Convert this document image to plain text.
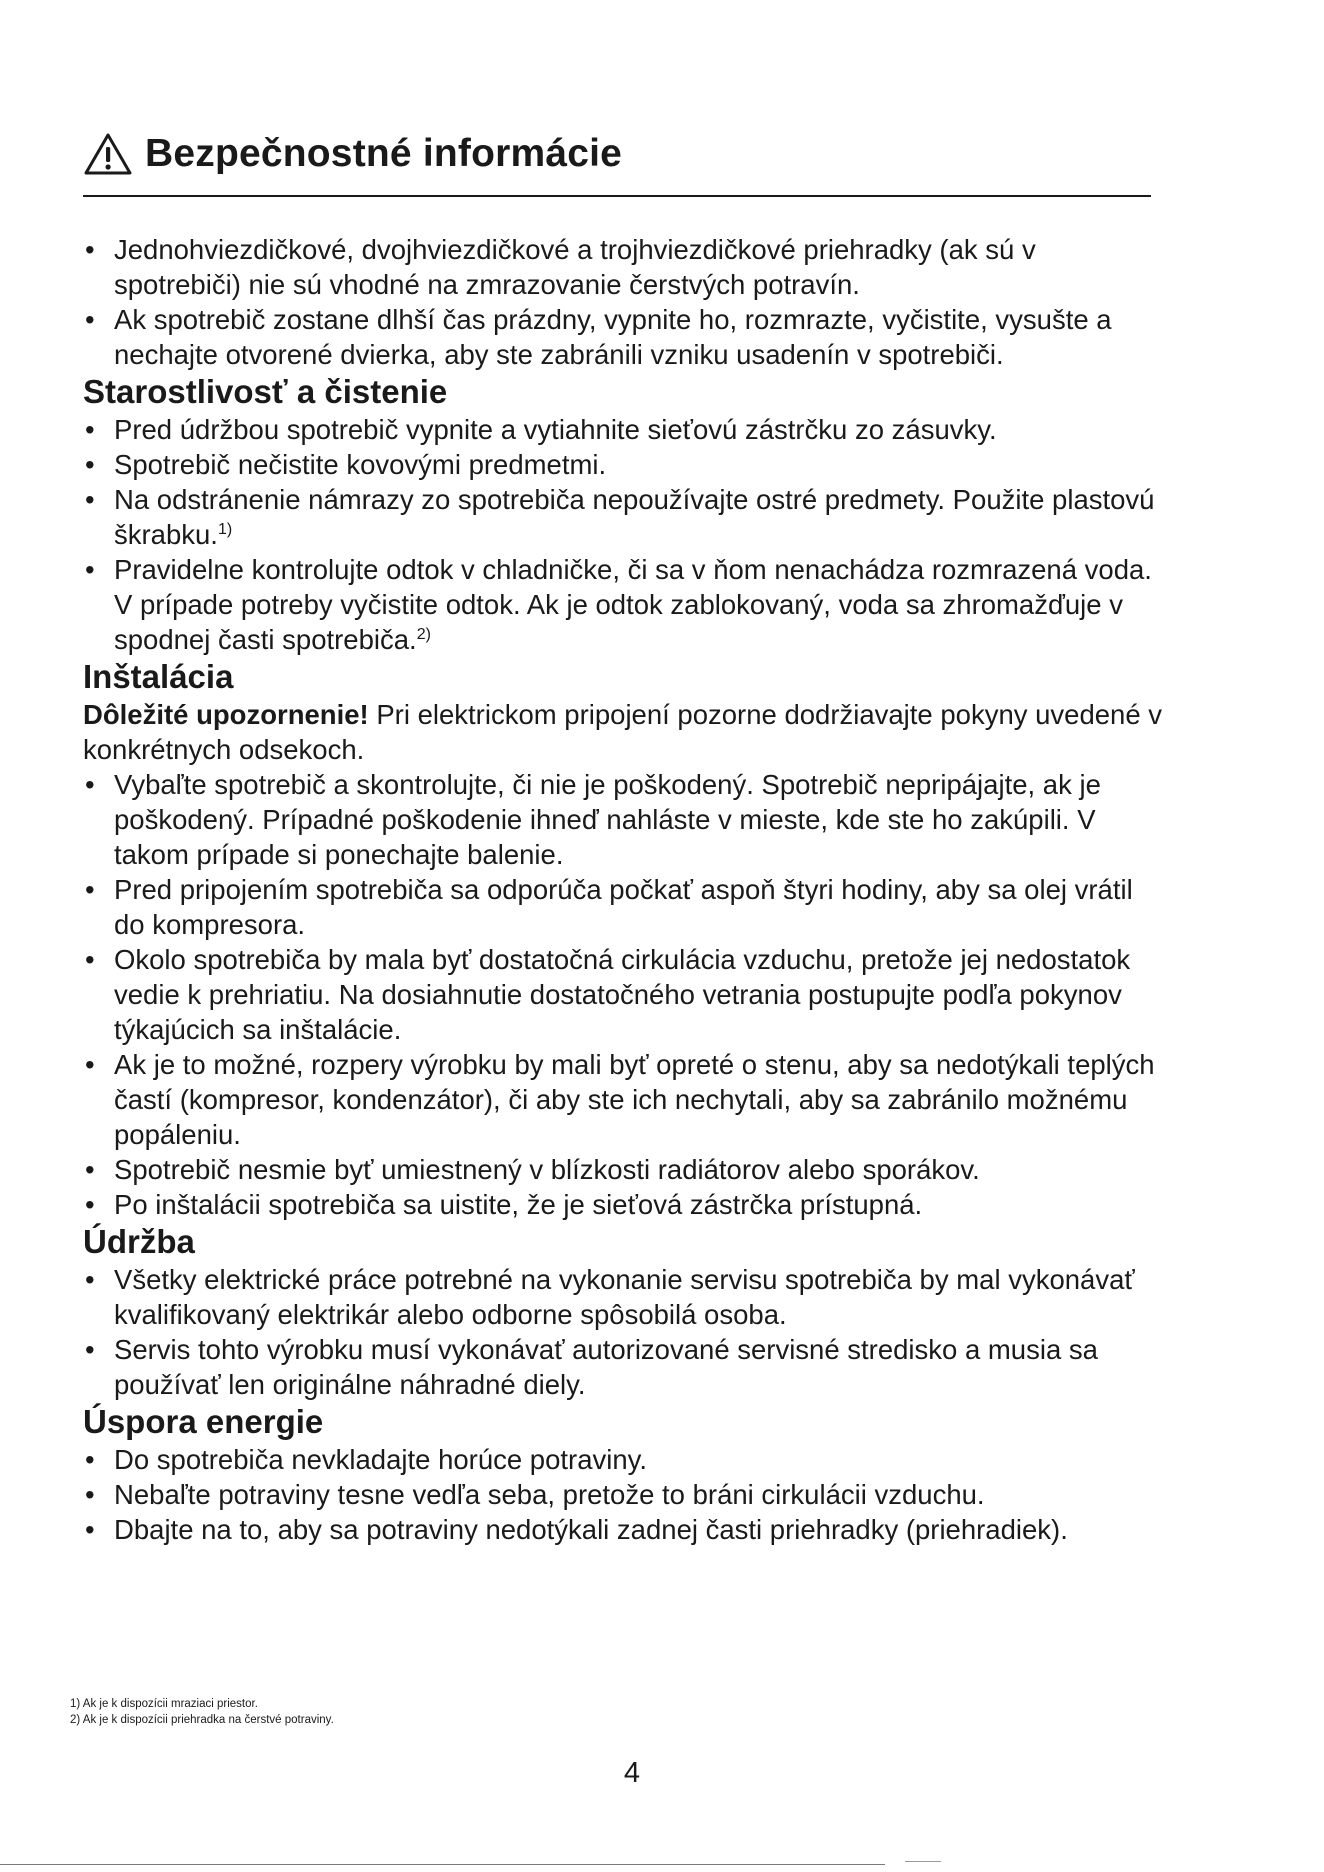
Bezpečnostné informácie
• Jednohviezdičkové, dvojhviezdičkové a trojhviezdičkové priehradky (ak sú v spotrebiči) nie sú vhodné na zmrazovanie čerstvých potravín.
• Ak spotrebič zostane dlhší čas prázdny, vypnite ho, rozmrazte, vyčistite, vysušte a nechajte otvorené dvierka, aby ste zabránili vzniku usadenín v spotrebiči.
Starostlivosť a čistenie
• Pred údržbou spotrebič vypnite a vytiahnite sieťovú zástrčku zo zásuvky.
• Spotrebič nečistite kovovými predmetmi.
• Na odstránenie námrazy zo spotrebiča nepoužívajte ostré predmety. Použite plastovú škrabku.$^{1)}$
• Pravidelne kontrolujte odtok v chladničke, či sa v ňom nenachádza rozmrazená voda. V prípade potreby vyčistite odtok. Ak je odtok zablokovaný, voda sa zhromažďuje v spodnej časti spotrebiča.$^{2)}$
Inštalácia

Dôležité upozornenie! Pri elektrickom pripojení pozorne dodržiavajte pokyny uvedené v konkrétnych odsekoch.

• Vybaľte spotrebič a skontrolujte, či nie je poškodený. Spotrebič nepripájajte, ak je poškodený. Prípadné poškodenie ihneď nahláste v mieste, kde ste ho zakúpili. V takom prípade si ponechajte balenie.
• Pred pripojením spotrebiča sa odporúča počkať aspoň štyri hodiny, aby sa olej vrátil do kompresora.
• Okolo spotrebiča by mala byť dostatočná cirkulácia vzduchu, pretože jej nedostatok vedie k prehriatiu. Na dosiahnutie dostatočného vetrania postupujte podľa pokynov týkajúcich sa inštalácie.
• Ak je to možné, rozpery výrobku by mali byť opreté o stenu, aby sa nedotýkali teplých častí (kompresor, kondenzátor), či aby ste ich nechytali, aby sa zabránilo možnému popáleniu.
• Spotrebič nesmie byť umiestnený v blízkosti radiátorov alebo sporákov.
• Po inštalácii spotrebiča sa uistite, že je sieťová zástrčka prístupná.
Údržba
• Všetky elektrické práce potrebné na vykonanie servisu spotrebiča by mal vykonávať kvalifikovaný elektrikár alebo odborne spôsobilá osoba.
• Servis tohto výrobku musí vykonávať autorizované servisné stredisko a musia sa používať len originálne náhradné diely.
Úspora energie
• Do spotrebiča nevkladajte horúce potraviny.
• Nebaľte potraviny tesne vedľa seba, pretože to bráni cirkulácii vzduchu.
• Dbajte na to, aby sa potraviny nedotýkali zadnej časti priehradky (priehradiek).
1) Ak je k dispozícii mraziaci priestor.
2) Ak je k dispozícii priehradka na čerstvé potraviny.
4
